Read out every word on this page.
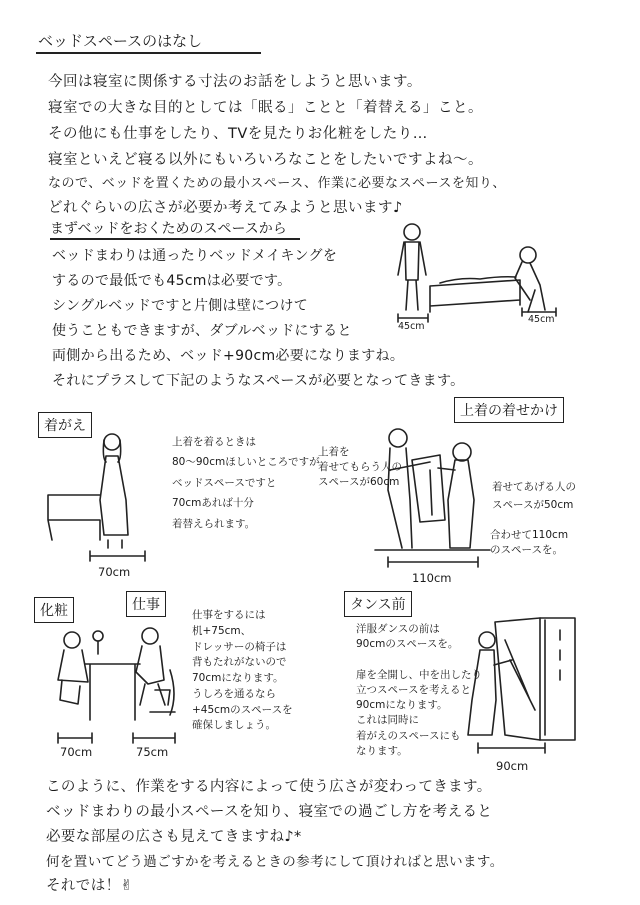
ベッドスペースのはなし
今回は寝室に関係する寸法のお話をしようと思います。
寝室での大きな目的としては「眠る」ことと「着替える」こと。
その他にも仕事をしたり、TVを見たりお化粧をしたり…
寝室といえど寝る以外にもいろいろなことをしたいですよね～。
なので、ベッドを置くための最小スペース、作業に必要なスペースを知り、
どれぐらいの広さが必要か考えてみようと思います♪
まずベッドをおくためのスペースから
ベッドまわりは通ったりベッドメイキングを
するので最低でも45cmは必要です。
シングルベッドですと片側は壁につけて
使うこともできますが、ダブルベッドにすると
両側から出るため、ベッド+90cm必要になりますね。
それにプラスして下記のようなスペースが必要となってきます。
45cm
45cm
着がえ
上着を着るときは
80～90cmほしいところですが
ベッドスペースですと
70cmあれば十分
着替えられます。
70cm
上着の着せかけ
上着を
着せてもらう人の
スペースが60cm	着せてあげる人の
スペースが50cm
合わせて110cm
のスペースを。
110cm
化粧
70cm
仕事
仕事をするには
机+75cm、
ドレッサーの椅子は
背もたれがないので
70cmになります。
うしろを通るなら
+45cmのスペースを
確保しましょう。
75cm
タンス前
洋服ダンスの前は
90cmのスペースを。

扉を全開し、中を出したり
立つスペースを考えると
90cmになります。
これは同時に
着がえのスペースにも
なります。
90cm
このように、作業をする内容によって使う広さが変わってきます。
ベッドまわりの最小スペースを知り、寝室での過ごし方を考えると
必要な部屋の広さも見えてきますね♪*
何を置いてどう過ごすかを考えるときの参考にして頂ければと思います。
それでは！✌
